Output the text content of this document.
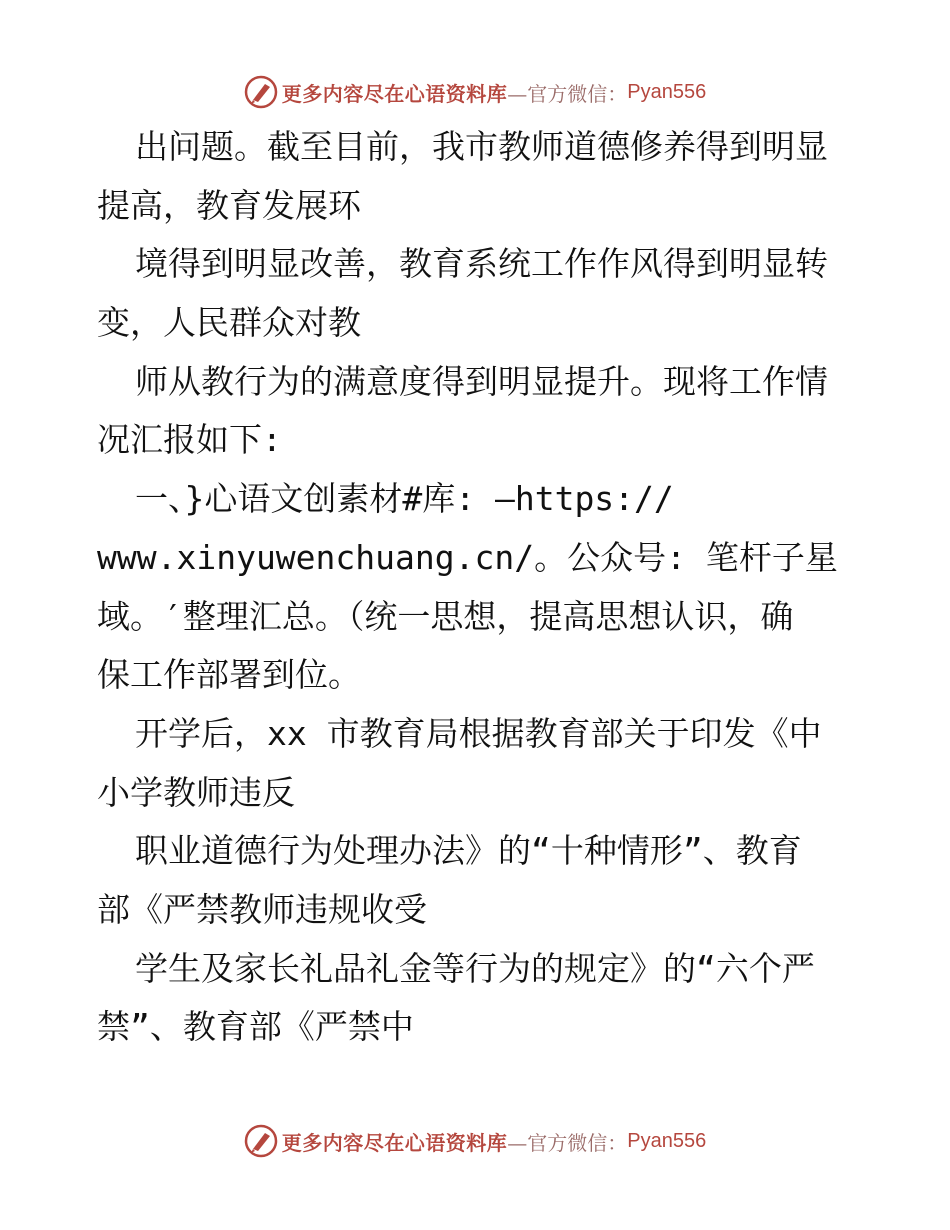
更多内容尽在心语资料库 —官方微信： Pyan556
出问题。截至目前，我市教师道德修养得到明显
提高，教育发展环
境得到明显改善，教育系统工作作风得到明显转
变，人民群众对教
师从教行为的满意度得到明显提升。现将工作情
况汇报如下:
一、}心语文创素材#库: —https://
www.xinyuwenchuang.cn/。公众号: 笔杆子星
域。′整理汇总。（统一思想，提高思想认识，确
保工作部署到位。
开学后，xx 市教育局根据教育部关于印发《中
小学教师违反
职业道德行为处理办法》的“十种情形”、教育
部《严禁教师违规收受
学生及家长礼品礼金等行为的规定》的“六个严
禁”、教育部《严禁中
更多内容尽在心语资料库 —官方微信： Pyan556
